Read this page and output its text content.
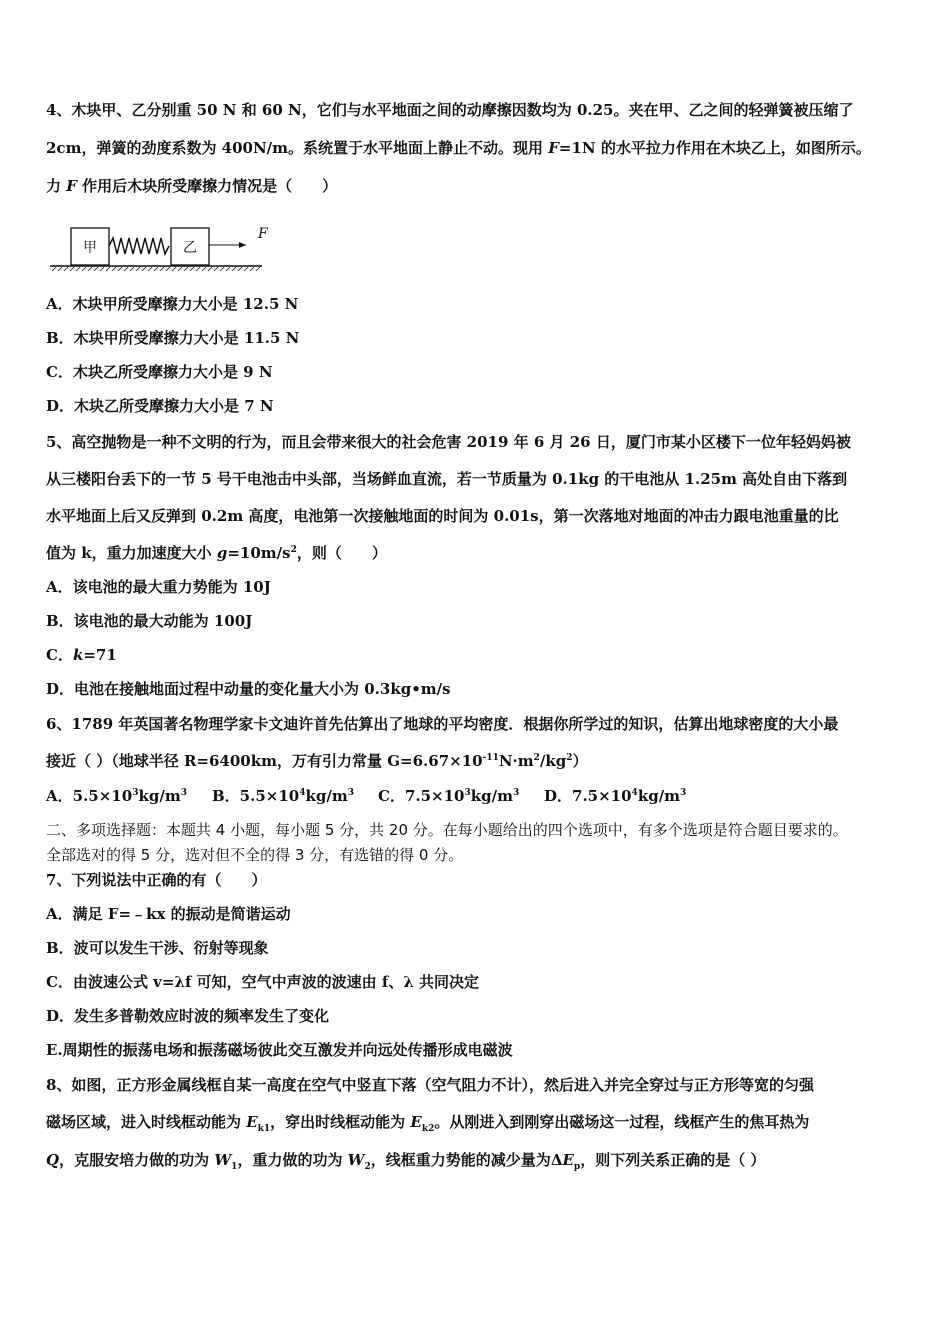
4、木块甲、乙分别重 50 N 和 60 N，它们与水平地面之间的动摩擦因数均为 0.25。夹在甲、乙之间的轻弹簧被压缩了
2cm，弹簧的劲度系数为 400N/m。系统置于水平地面上静止不动。现用 F=1N 的水平拉力作用在木块乙上，如图所示。
力 F 作用后木块所受摩擦力情况是（　　）
甲	乙
F
A．木块甲所受摩擦力大小是 12.5 N
B．木块甲所受摩擦力大小是 11.5 N
C．木块乙所受摩擦力大小是 9 N
D．木块乙所受摩擦力大小是 7 N
5、高空抛物是一种不文明的行为，而且会带来很大的社会危害 2019 年 6 月 26 日，厦门市某小区楼下一位年轻妈妈被
从三楼阳台丢下的一节 5 号干电池击中头部，当场鲜血直流，若一节质量为 0.1kg 的干电池从 1.25m 高处自由下落到
水平地面上后又反弹到 0.2m 高度，电池第一次接触地面的时间为 0.01s，第一次落地对地面的冲击力跟电池重量的比
值为 k，重力加速度大小 $g=10m/s^2$，则（　　）
A．该电池的最大重力势能为 10J
B．该电池的最大动能为 100J
C．k=71
D．电池在接触地面过程中动量的变化量大小为 0.3kg•m/s
6、1789 年英国著名物理学家卡文迪许首先估算出了地球的平均密度．根据你所学过的知识，估算出地球密度的大小最
接近（ ）（地球半径 R=6400km，万有引力常量 $G=6.67\times 10^{-11}N\cdot m^2/kg^2$）
A．$5.5\times 10^3kg/m^3$ B．$5.5\times 10^4kg/m^3$ C．$7.5\times 10^3kg/m^3$ D．$7.5\times 10^4kg/m^3$
二、多项选择题：本题共 4 小题，每小题 5 分，共 20 分。在每小题给出的四个选项中，有多个选项是符合题目要求的。
全部选对的得 5 分，选对但不全的得 3 分，有选错的得 0 分。
7、下列说法中正确的有（　　）
A．满足 F=﹣kx 的振动是简谐运动
B．波可以发生干涉、衍射等现象
C．由波速公式 v=λf 可知，空气中声波的波速由 f、λ 共同决定
D．发生多普勒效应时波的频率发生了变化
E.周期性的振荡电场和振荡磁场彼此交互激发并向远处传播形成电磁波
8、如图，正方形金属线框自某一高度在空气中竖直下落（空气阻力不计），然后进入并完全穿过与正方形等宽的匀强
磁场区域，进入时线框动能为 $E_{k1}$，穿出时线框动能为 $E_{k2}$。从刚进入到刚穿出磁场这一过程，线框产生的焦耳热为
Q，克服安培力做的功为 $W_1$，重力做的功为 $W_2$，线框重力势能的减少量为$\Delta E_p$，则下列关系正确的是（ ）
